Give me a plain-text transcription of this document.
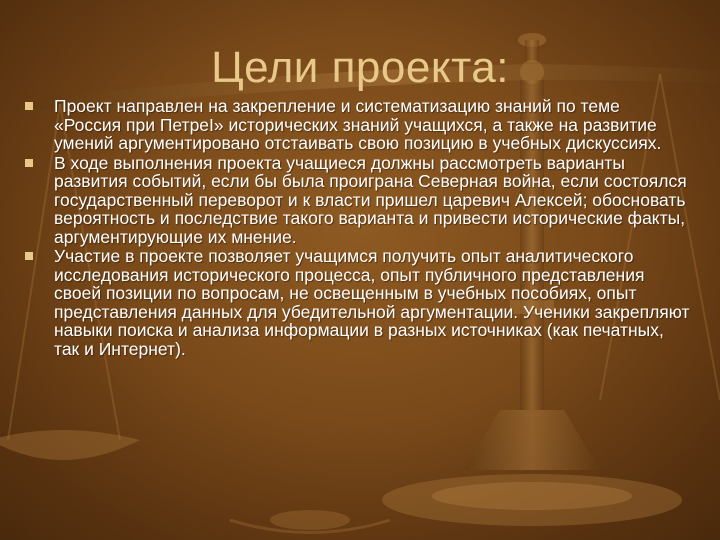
Цели проекта:
Проект направлен на закрепление и систематизацию знаний по теме «Россия при ПетреI» исторических знаний учащихся, а также на развитие умений аргументировано отстаивать свою позицию в учебных дискуссиях.
В ходе выполнения проекта учащиеся должны рассмотреть варианты развития событий, если бы была проиграна Северная война, если состоялся государственный переворот и к власти пришел царевич Алексей; обосновать вероятность и последствие такого варианта и привести исторические факты, аргументирующие их мнение.
Участие в проекте позволяет учащимся получить опыт аналитического исследования исторического процесса, опыт публичного представления своей позиции по вопросам, не освещенным в учебных пособиях, опыт представления данных для убедительной аргументации. Ученики закрепляют навыки поиска и анализа информации в разных источниках (как печатных, так и Интернет).
